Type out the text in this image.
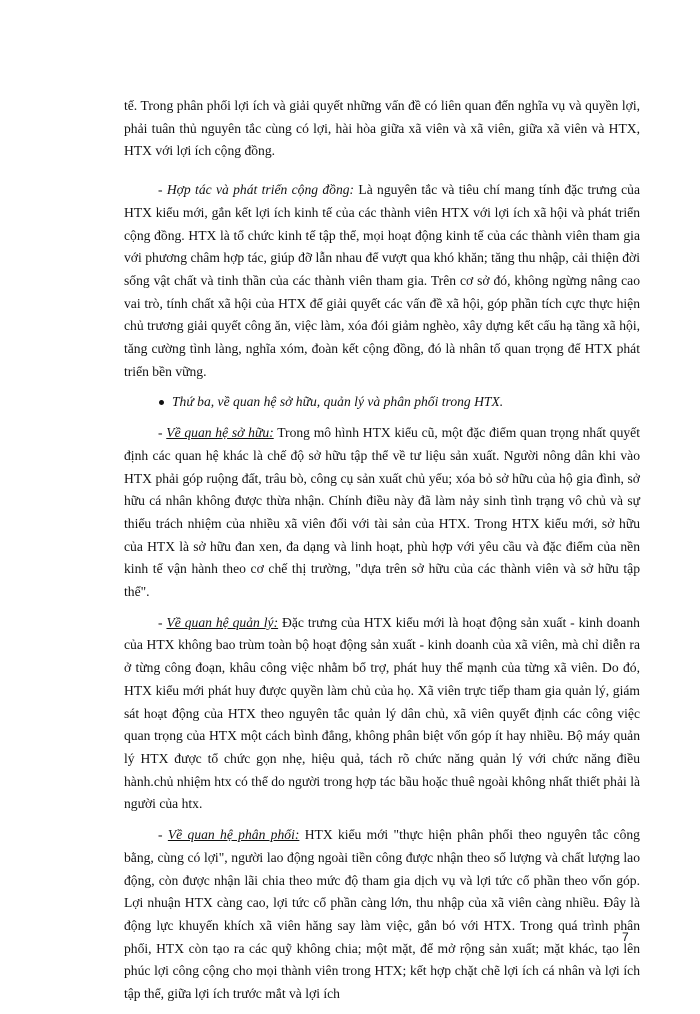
tế. Trong phân phối lợi ích và giải quyết những vấn đề có liên quan đến nghĩa vụ và quyền lợi, phải tuân thủ nguyên tắc cùng có lợi, hài hòa giữa xã viên và xã viên, giữa xã viên và HTX, HTX với lợi ích cộng đồng.

- Hợp tác và phát triển cộng đồng: Là nguyên tắc và tiêu chí mang tính đặc trưng của HTX kiểu mới, gắn kết lợi ích kinh tế của các thành viên HTX với lợi ích xã hội và phát triển cộng đồng. HTX là tổ chức kinh tế tập thể, mọi hoạt động kinh tế của các thành viên tham gia với phương châm hợp tác, giúp đỡ lẫn nhau để vượt qua khó khăn; tăng thu nhập, cải thiện đời sống vật chất và tinh thần của các thành viên tham gia. Trên cơ sở đó, không ngừng nâng cao vai trò, tính chất xã hội của HTX để giải quyết các vấn đề xã hội, góp phần tích cực thực hiện chủ trương giải quyết công ăn, việc làm, xóa đói giảm nghèo, xây dựng kết cấu hạ tầng xã hội, tăng cường tình làng, nghĩa xóm, đoàn kết cộng đồng, đó là nhân tố quan trọng để HTX phát triển bền vững.

Thứ ba, về quan hệ sở hữu, quản lý và phân phối trong HTX.

- Về quan hệ sở hữu: Trong mô hình HTX kiểu cũ, một đặc điểm quan trọng nhất quyết định các quan hệ khác là chế độ sở hữu tập thể về tư liệu sản xuất. Người nông dân khi vào HTX phải góp ruộng đất, trâu bò, công cụ sản xuất chủ yếu; xóa bỏ sở hữu của hộ gia đình, sở hữu cá nhân không được thừa nhận. Chính điều này đã làm nảy sinh tình trạng vô chủ và sự thiếu trách nhiệm của nhiều xã viên đối với tài sản của HTX. Trong HTX kiểu mới, sở hữu của HTX là sở hữu đan xen, đa dạng và linh hoạt, phù hợp với yêu cầu và đặc điểm của nền kinh tế vận hành theo cơ chế thị trường, "dựa trên sở hữu của các thành viên và sở hữu tập thể".

- Về quan hệ quản lý: Đặc trưng của HTX kiểu mới là hoạt động sản xuất - kinh doanh của HTX không bao trùm toàn bộ hoạt động sản xuất - kinh doanh của xã viên, mà chỉ diễn ra ở từng công đoạn, khâu công việc nhằm bổ trợ, phát huy thế mạnh của từng xã viên. Do đó, HTX kiểu mới phát huy được quyền làm chủ của họ. Xã viên trực tiếp tham gia quản lý, giám sát hoạt động của HTX theo nguyên tắc quản lý dân chủ, xã viên quyết định các công việc quan trọng của HTX một cách bình đẳng, không phân biệt vốn góp ít hay nhiều. Bộ máy quản lý HTX được tổ chức gọn nhẹ, hiệu quả, tách rõ chức năng quản lý với chức năng điều hành.chủ nhiệm htx có thể do người trong hợp tác bầu hoặc thuê ngoài không nhất thiết phải là người của htx.

- Về quan hệ phân phối: HTX kiểu mới "thực hiện phân phối theo nguyên tắc công bằng, cùng có lợi", người lao động ngoài tiền công được nhận theo số lượng và chất lượng lao động, còn được nhận lãi chia theo mức độ tham gia dịch vụ và lợi tức cổ phần theo vốn góp. Lợi nhuận HTX càng cao, lợi tức cổ phần càng lớn, thu nhập của xã viên càng nhiều. Đây là động lực khuyến khích xã viên hăng say làm việc, gắn bó với HTX. Trong quá trình phân phối, HTX còn tạo ra các quỹ không chia; một mặt, để mở rộng sản xuất; mặt khác, tạo lên phúc lợi công cộng cho mọi thành viên trong HTX; kết hợp chặt chẽ lợi ích cá nhân và lợi ích tập thể, giữa lợi ích trước mắt và lợi ích

7
